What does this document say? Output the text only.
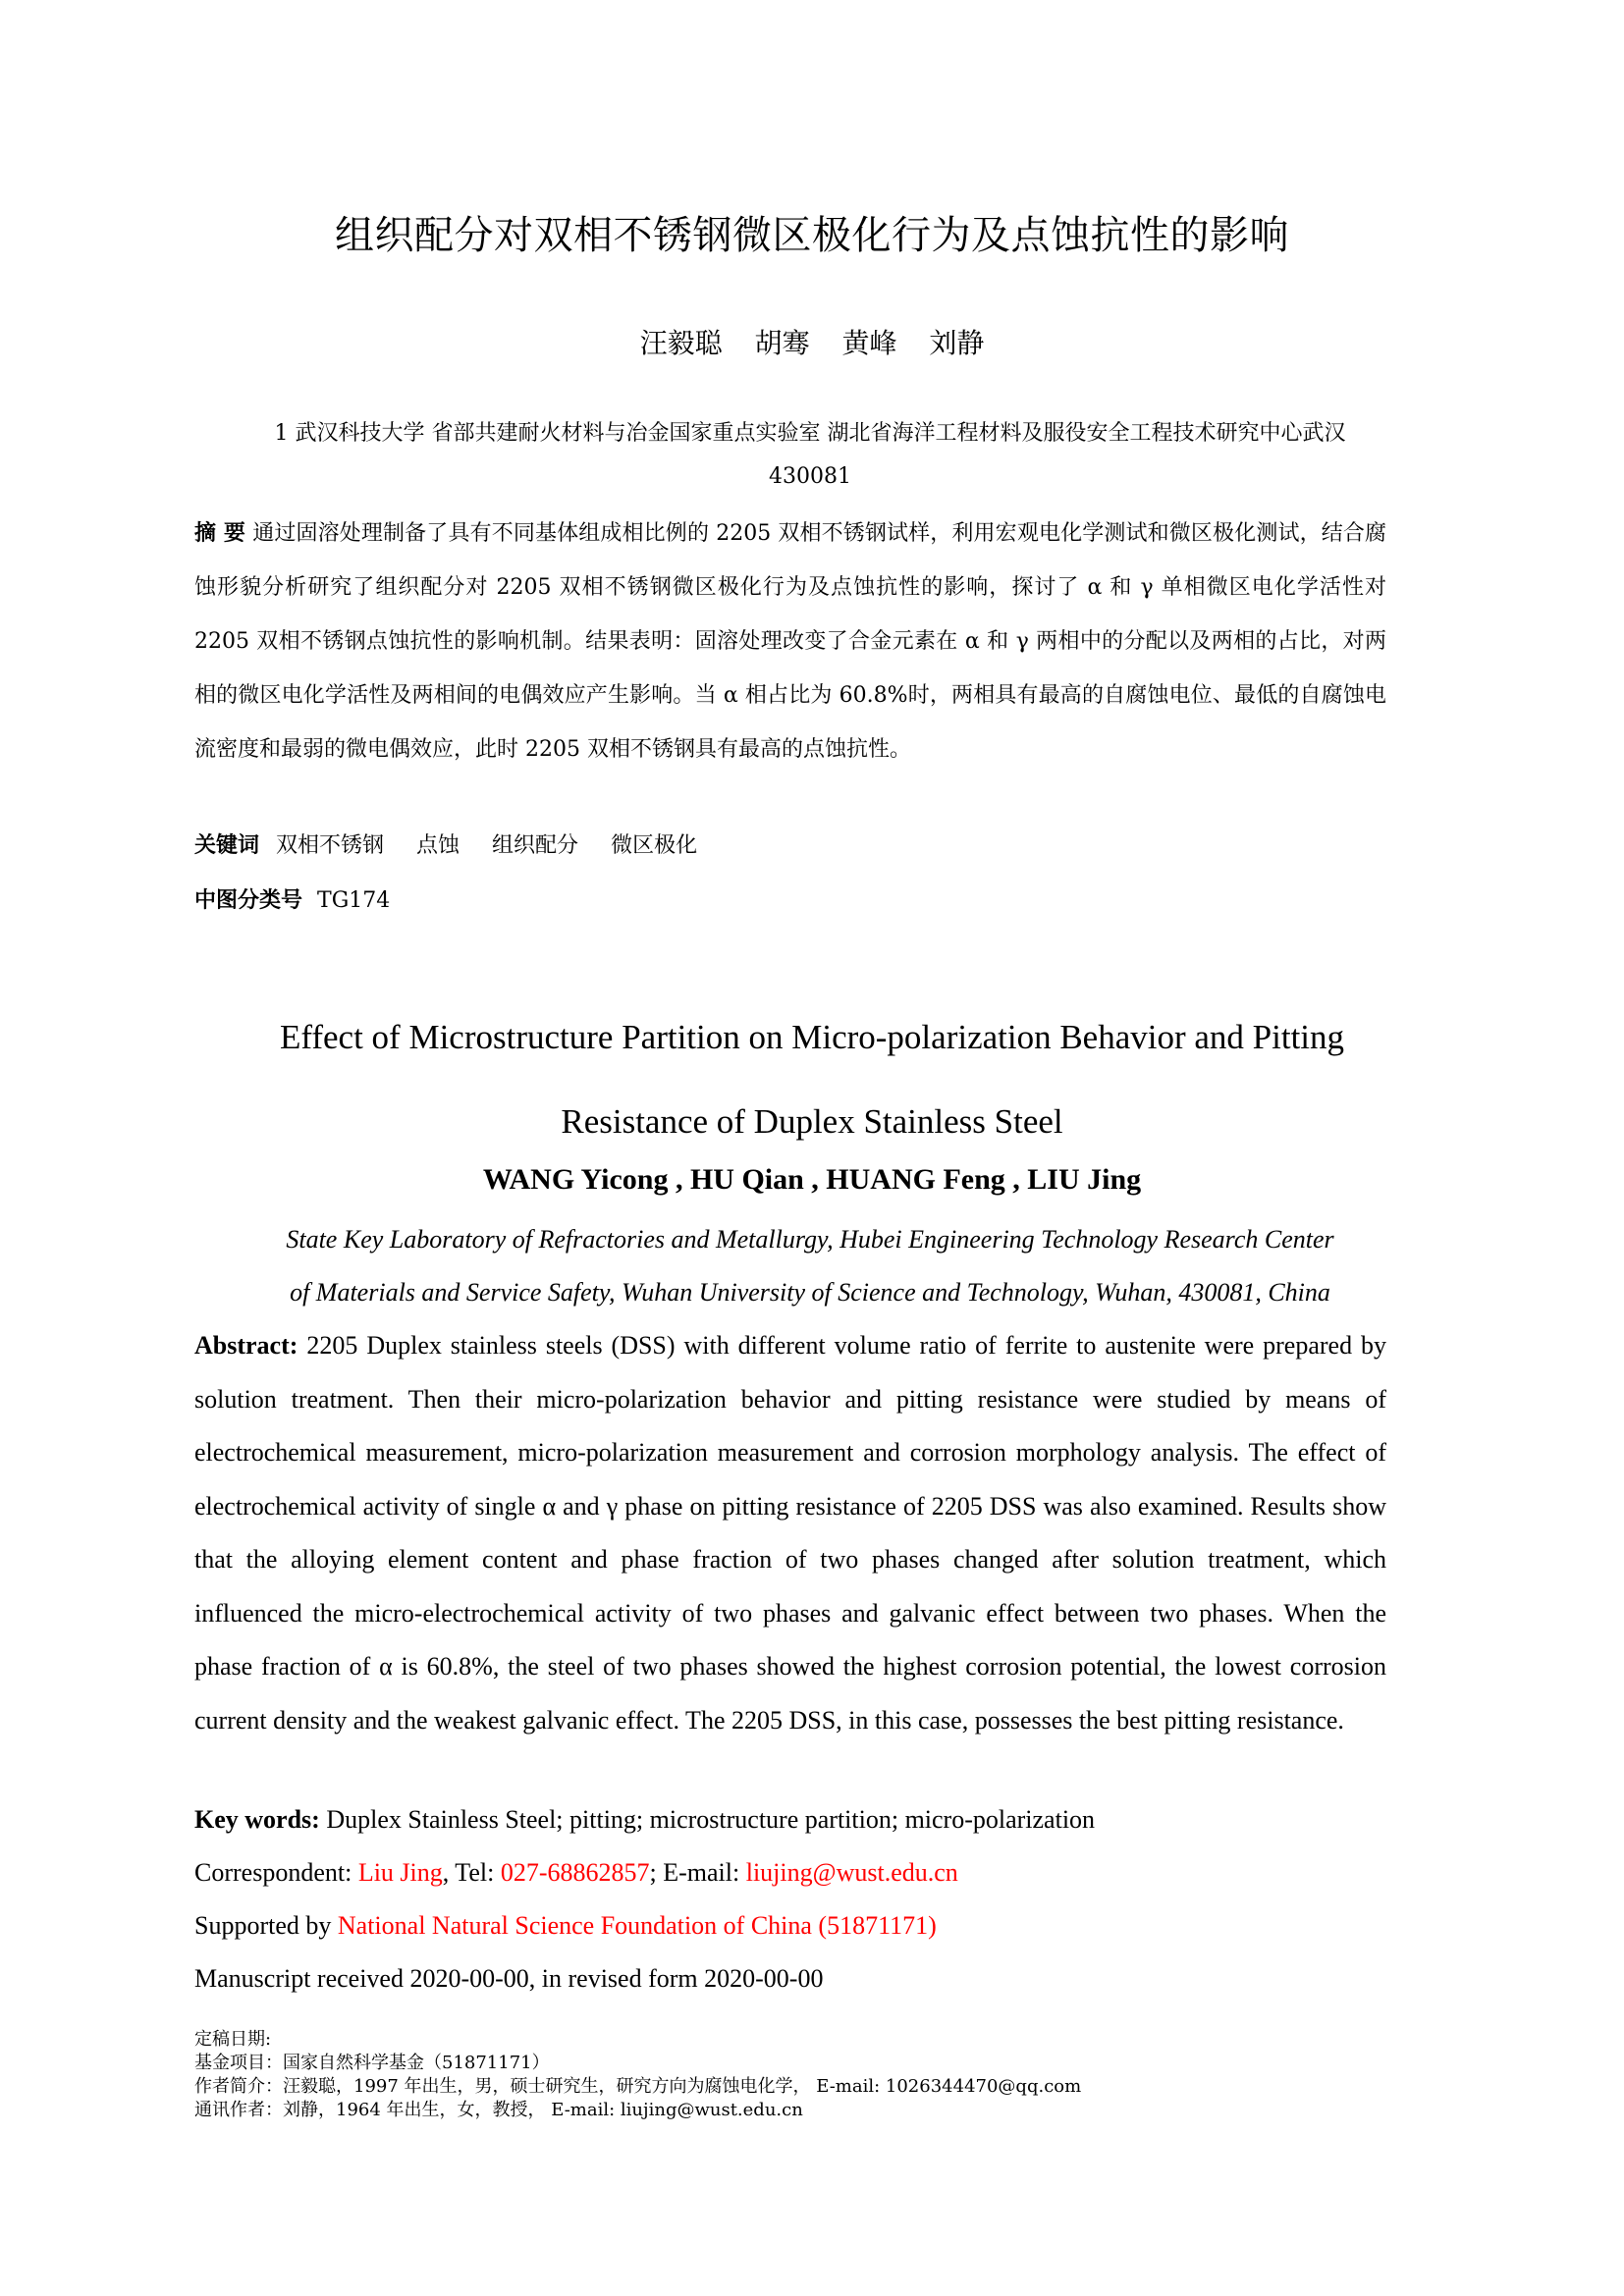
组织配分对双相不锈钢微区极化行为及点蚀抗性的影响
汪毅聪 胡骞 黄峰 刘静
1 武汉科技大学 省部共建耐火材料与冶金国家重点实验室 湖北省海洋工程材料及服役安全工程技术研究中心武汉
430081
摘 要 通过固溶处理制备了具有不同基体组成相比例的 2205 双相不锈钢试样，利用宏观电化学测试和微区极化测试，结合腐蚀形貌分析研究了组织配分对 2205 双相不锈钢微区极化行为及点蚀抗性的影响，探讨了 α 和 γ 单相微区电化学活性对 2205 双相不锈钢点蚀抗性的影响机制。结果表明：固溶处理改变了合金元素在 α 和 γ 两相中的分配以及两相的占比，对两相的微区电化学活性及两相间的电偶效应产生影响。当 α 相占比为 60.8%时，两相具有最高的自腐蚀电位、最低的自腐蚀电流密度和最弱的微电偶效应，此时 2205 双相不锈钢具有最高的点蚀抗性。
关键词 双相不锈钢 点蚀 组织配分 微区极化
中图分类号 TG174
Effect of Microstructure Partition on Micro-polarization Behavior and Pitting
Resistance of Duplex Stainless Steel
WANG Yicong , HU Qian , HUANG Feng , LIU Jing
State Key Laboratory of Refractories and Metallurgy, Hubei Engineering Technology Research Center
of Materials and Service Safety, Wuhan University of Science and Technology, Wuhan, 430081, China
Abstract: 2205 Duplex stainless steels (DSS) with different volume ratio of ferrite to austenite were prepared by solution treatment. Then their micro-polarization behavior and pitting resistance were studied by means of electrochemical measurement, micro-polarization measurement and corrosion morphology analysis. The effect of electrochemical activity of single α and γ phase on pitting resistance of 2205 DSS was also examined. Results show that the alloying element content and phase fraction of two phases changed after solution treatment, which influenced the micro-electrochemical activity of two phases and galvanic effect between two phases. When the phase fraction of α is 60.8%, the steel of two phases showed the highest corrosion potential, the lowest corrosion current density and the weakest galvanic effect. The 2205 DSS, in this case, possesses the best pitting resistance.
Key words: Duplex Stainless Steel; pitting; microstructure partition; micro-polarization
Correspondent: Liu Jing, Tel: 027-68862857; E-mail: liujing@wust.edu.cn
Supported by National Natural Science Foundation of China (51871171)
Manuscript received 2020-00-00, in revised form 2020-00-00
定稿日期:
基金项目：国家自然科学基金（51871171）
作者简介：汪毅聪，1997 年出生，男，硕士研究生，研究方向为腐蚀电化学， E-mail: 1026344470@qq.com
通讯作者：刘静，1964 年出生，女，教授， E-mail: liujing@wust.edu.cn
